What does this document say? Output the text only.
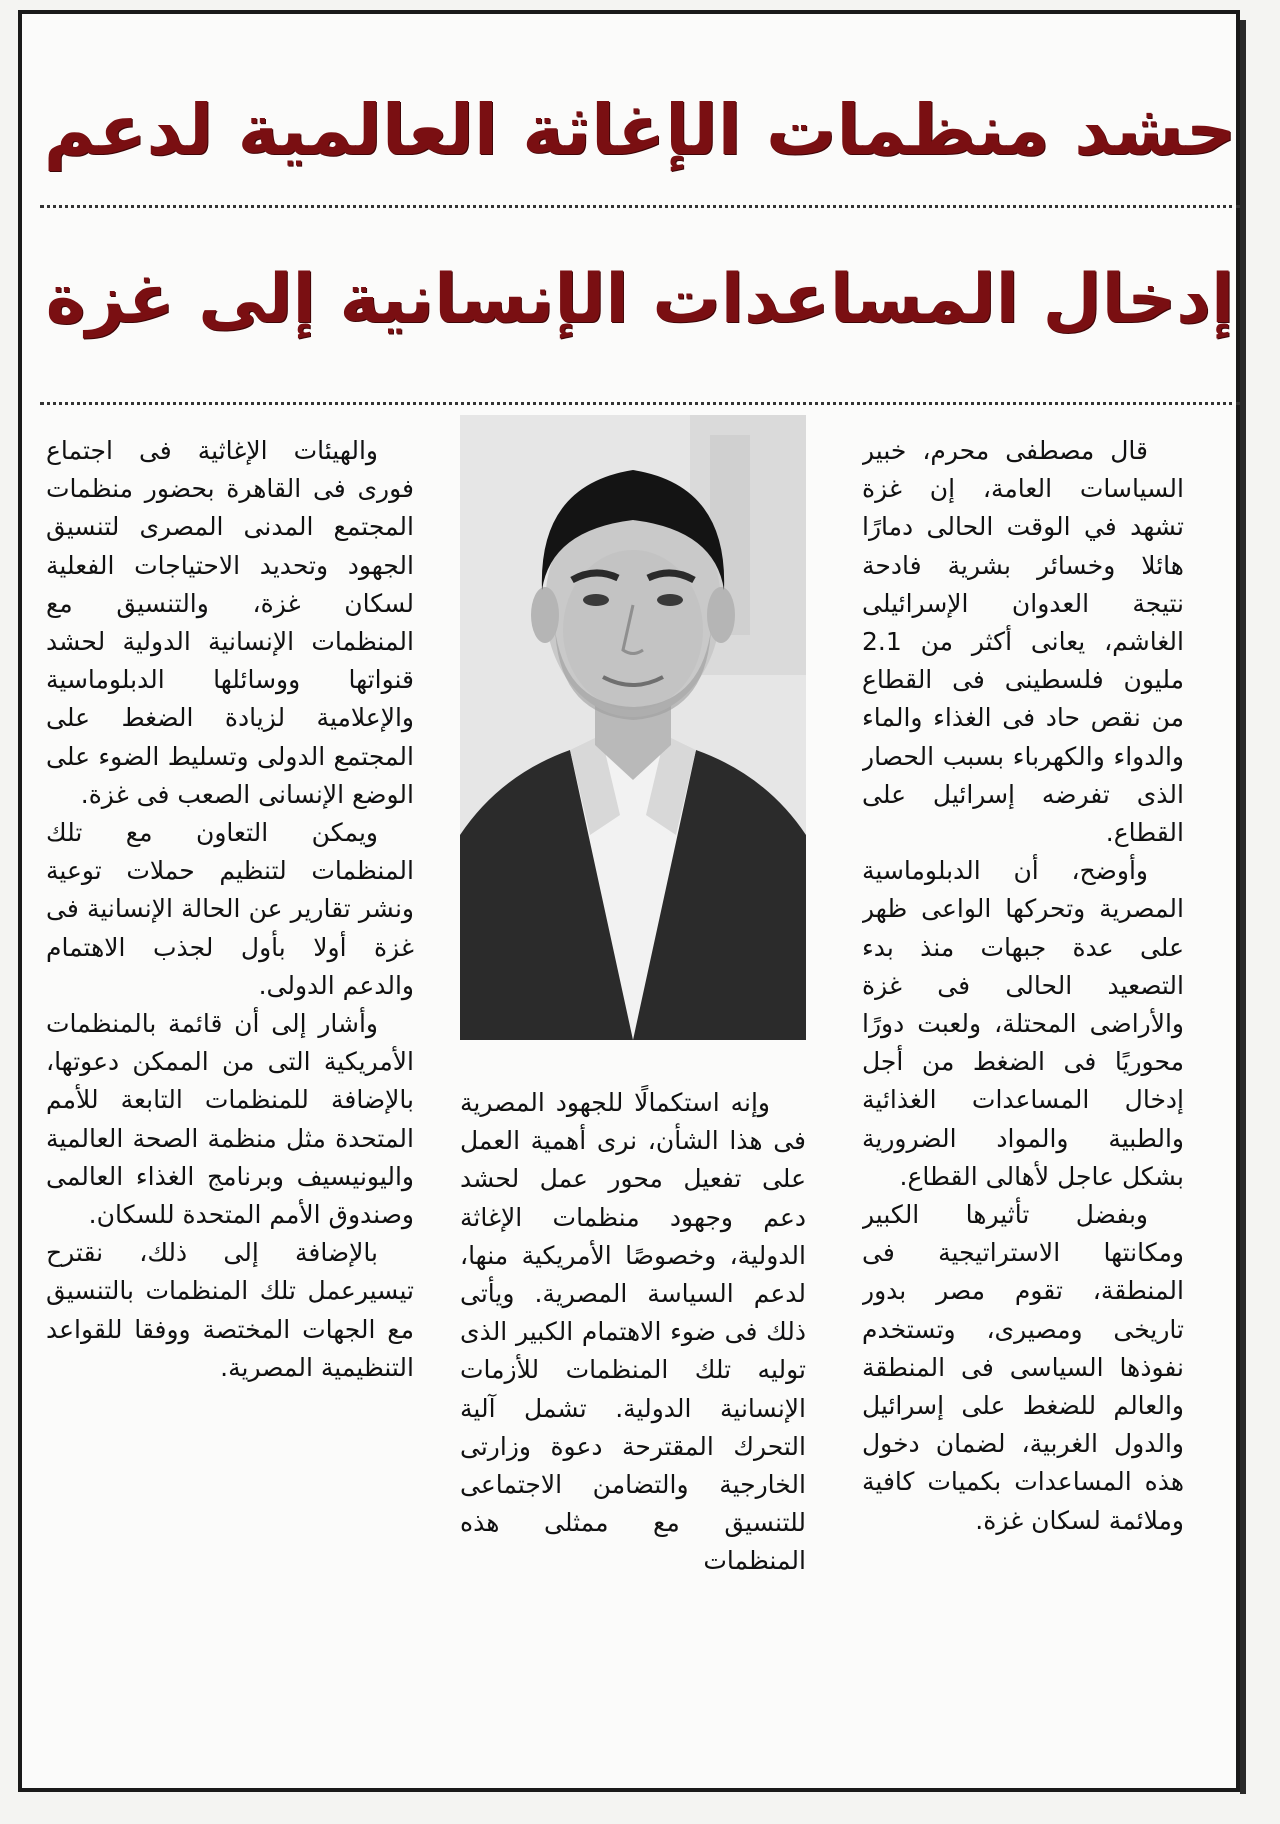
حشد منظمات الإغاثة العالمية لدعم
إدخال المساعدات الإنسانية إلى غزة

قال مصطفى محرم، خبير السياسات العامة، إن غزة تشهد في الوقت الحالى دمارًا هائلا وخسائر بشرية فادحة نتيجة العدوان الإسرائيلى الغاشم، يعانى أكثر من 2.1 مليون فلسطينى فى القطاع من نقص حاد فى الغذاء والماء والدواء والكهرباء بسبب الحصار الذى تفرضه إسرائيل على القطاع.

وأوضح، أن الدبلوماسية المصرية وتحركها الواعى ظهر على عدة جبهات منذ بدء التصعيد الحالى فى غزة والأراضى المحتلة، ولعبت دورًا محوريًا فى الضغط من أجل إدخال المساعدات الغذائية والطبية والمواد الضرورية بشكل عاجل لأهالى القطاع.

وبفضل تأثيرها الكبير ومكانتها الاستراتيجية فى المنطقة، تقوم مصر بدور تاريخى ومصيرى، وتستخدم نفوذها السياسى فى المنطقة والعالم للضغط على إسرائيل والدول الغربية، لضمان دخول هذه المساعدات بكميات كافية وملائمة لسكان غزة.

وإنه استكمالًا للجهود المصرية فى هذا الشأن، نرى أهمية العمل على تفعيل محور عمل لحشد دعم وجهود منظمات الإغاثة الدولية، وخصوصًا الأمريكية منها، لدعم السياسة المصرية. ويأتى ذلك فى ضوء الاهتمام الكبير الذى توليه تلك المنظمات للأزمات الإنسانية الدولية. تشمل آلية التحرك المقترحة دعوة وزارتى الخارجية والتضامن الاجتماعى للتنسيق مع ممثلى هذه المنظمات

والهيئات الإغاثية فى اجتماع فورى فى القاهرة بحضور منظمات المجتمع المدنى المصرى لتنسيق الجهود وتحديد الاحتياجات الفعلية لسكان غزة، والتنسيق مع المنظمات الإنسانية الدولية لحشد قنواتها ووسائلها الدبلوماسية والإعلامية لزيادة الضغط على المجتمع الدولى وتسليط الضوء على الوضع الإنسانى الصعب فى غزة.

ويمكن التعاون مع تلك المنظمات لتنظيم حملات توعية ونشر تقارير عن الحالة الإنسانية فى غزة أولا بأول لجذب الاهتمام والدعم الدولى.

وأشار إلى أن قائمة بالمنظمات الأمريكية التى من الممكن دعوتها، بالإضافة للمنظمات التابعة للأمم المتحدة مثل منظمة الصحة العالمية واليونيسيف وبرنامج الغذاء العالمى وصندوق الأمم المتحدة للسكان.

بالإضافة إلى ذلك، نقترح تيسيرعمل تلك المنظمات بالتنسيق مع الجهات المختصة ووفقا للقواعد التنظيمية المصرية.
